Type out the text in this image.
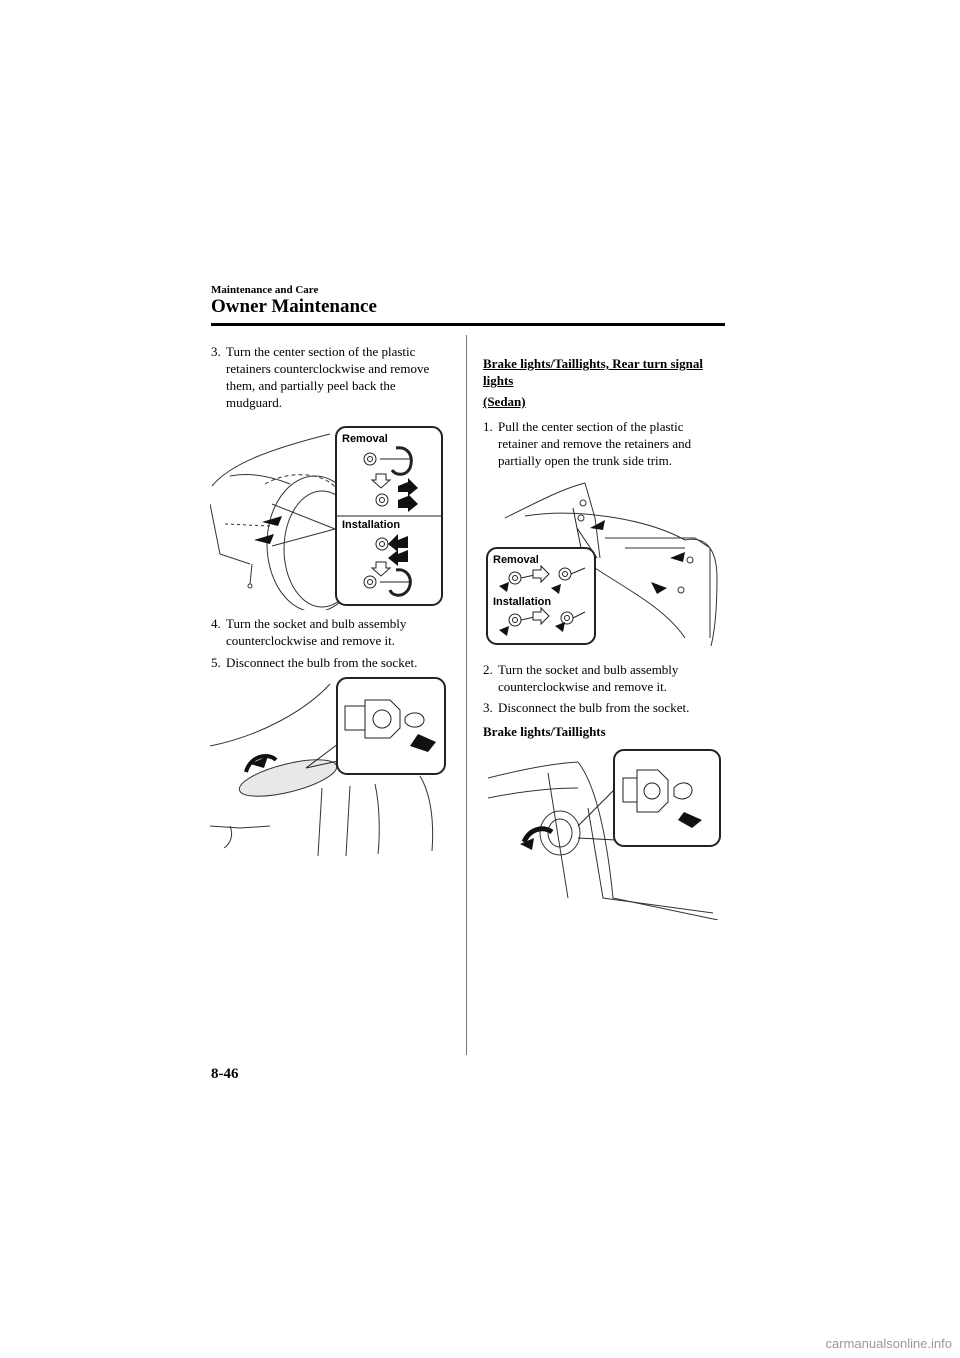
Maintenance and Care
Owner Maintenance
3. Turn the center section of the plastic retainers counterclockwise and remove them, and partially peel back the mudguard.
Removal
Installation
4. Turn the socket and bulb assembly counterclockwise and remove it.
5. Disconnect the bulb from the socket.
Brake lights/Taillights, Rear turn signal lights
(Sedan)
1. Pull the center section of the plastic retainer and remove the retainers and partially open the trunk side trim.
Removal
Installation
2. Turn the socket and bulb assembly counterclockwise and remove it.
3. Disconnect the bulb from the socket.
Brake lights/Taillights
8-46
carmanualsonline.info
